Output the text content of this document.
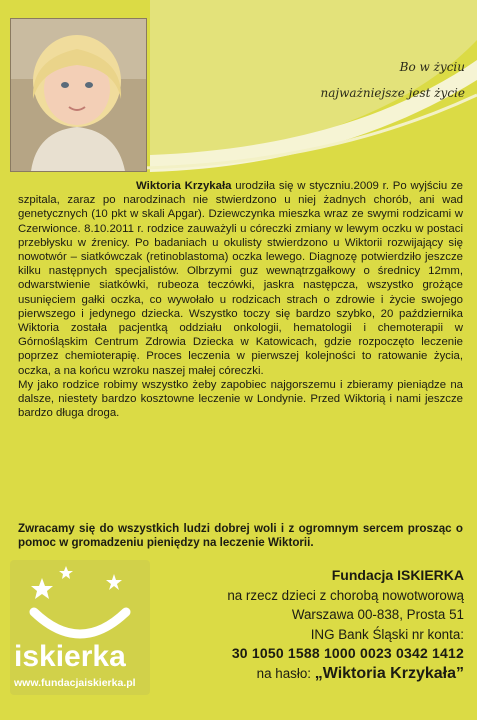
Bo w życiu
najważniejsze jest życie

Wiktoria Krzykała urodziła się w styczniu.2009 r. Po wyjściu ze szpitala, zaraz po narodzinach nie stwierdzono u niej żadnych chorób, ani wad genetycznych (10 pkt w skali Apgar). Dziewczynka mieszka wraz ze swymi rodzicami w Czerwionce. 8.10.2011 r. rodzice zauważyli u córeczki zmiany w lewym oczku w postaci przebłysku w źrenicy. Po badaniach u okulisty stwierdzono u Wiktorii rozwijający się nowotwór – siatkówczak (retinoblastoma) oczka lewego. Diagnozę potwierdziło jeszcze kilku następnych specjalistów. Olbrzymi guz wewnątrzgałkowy o średnicy 12mm, odwarstwienie siatkówki, rubeoza teczówki, jaskra następcza, wszystko grożące usunięciem gałki oczka, co wywołało u rodzicach strach o zdrowie i życie swojego pierwszego i jedynego dziecka. Wszystko toczy się bardzo szybko, 20 października Wiktoria została pacjentką oddziału onkologii, hematologii i chemoterapii w Górnośląskim Centrum Zdrowia Dziecka w Katowicach, gdzie rozpoczęto leczenie poprzez chemioterapię. Proces leczenia w pierwszej kolejności to ratowanie życia, oczka, a na końcu wzroku naszej małej córeczki.

My jako rodzice robimy wszystko żeby zapobiec najgorszemu i zbieramy pieniądze na dalsze, niestety bardzo kosztowne leczenie w Londynie. Przed Wiktorią i nami jeszcze bardzo długa droga.

Zwracamy się do wszystkich ludzi dobrej woli i z ogromnym sercem prosząc o pomoc w gromadzeniu pieniędzy na leczenie Wiktorii.
iskierka
www.fundacjaiskierka.pl
Fundacja ISKIERKA
na rzecz dzieci z chorobą nowotworową
Warszawa 00-838, Prosta 51
ING Bank Śląski nr konta:
30 1050 1588 1000 0023 0342 1412
na hasło: „Wiktoria Krzykała”
